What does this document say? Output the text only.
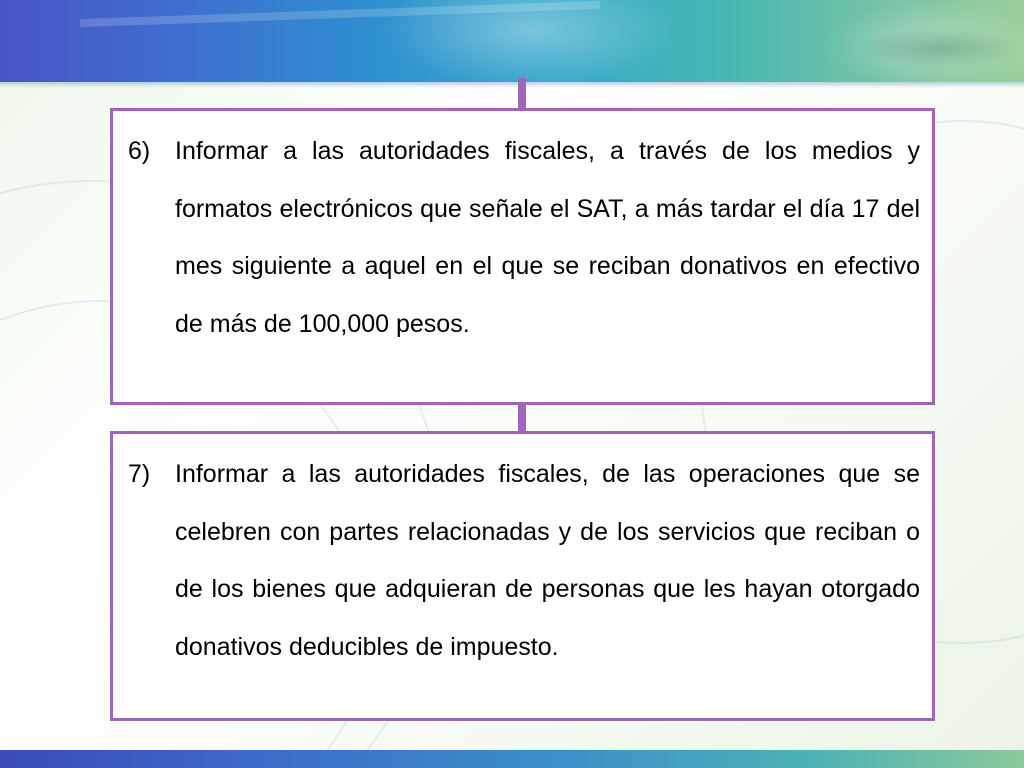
6) Informar a las autoridades fiscales, a través de los medios y formatos electrónicos que señale el SAT, a más tardar el día 17 del mes siguiente a aquel en el que se reciban donativos en efectivo de más de 100,000 pesos.
7) Informar a las autoridades fiscales, de las operaciones que se celebren con partes relacionadas y de los servicios que reciban o de los bienes que adquieran de personas que les hayan otorgado donativos deducibles de impuesto.
